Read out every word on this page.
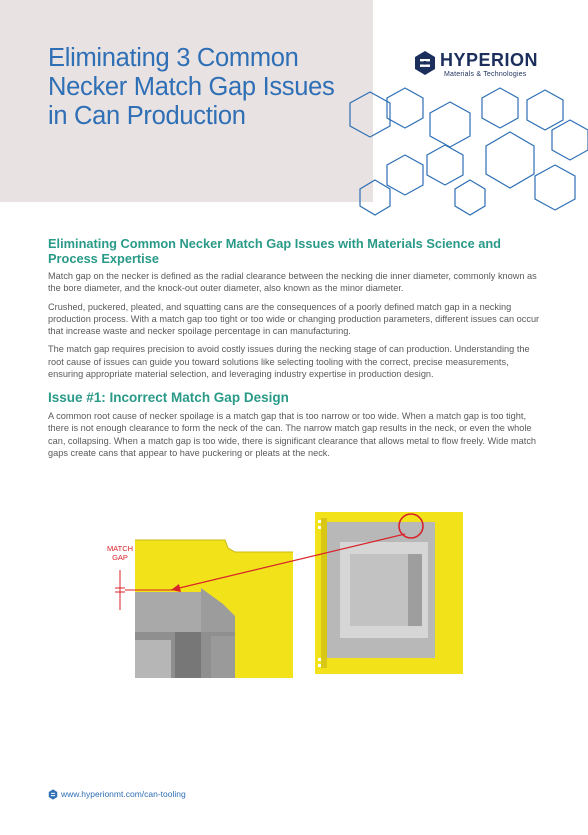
Eliminating 3 Common
Necker Match Gap Issues
in Can Production
HYPERION
Materials & Technologies
Eliminating Common Necker Match Gap Issues with Materials Science and Process Expertise

Match gap on the necker is defined as the radial clearance between the necking die inner diameter, commonly known as the bore diameter, and the knock-out outer diameter, also known as the minor diameter.

Crushed, puckered, pleated, and squatting cans are the consequences of a poorly defined match gap in a necking production process. With a match gap too tight or too wide or changing production parameters, different issues can occur that increase waste and necker spoilage percentage in can manufacturing.

The match gap requires precision to avoid costly issues during the necking stage of can production. Understanding the root cause of issues can guide you toward solutions like selecting tooling with the correct, precise measurements, ensuring appropriate material selection, and leveraging industry expertise in production design.

Issue #1: Incorrect Match Gap Design

A common root cause of necker spoilage is a match gap that is too narrow or too wide. When a match gap is too tight, there is not enough clearance to form the neck of the can. The narrow match gap results in the neck, or even the whole can, collapsing. When a match gap is too wide, there is significant clearance that allows metal to flow freely. Wide match gaps create cans that appear to have puckering or pleats at the neck.

MATCH
GAP
www.hyperionmt.com/can-tooling
